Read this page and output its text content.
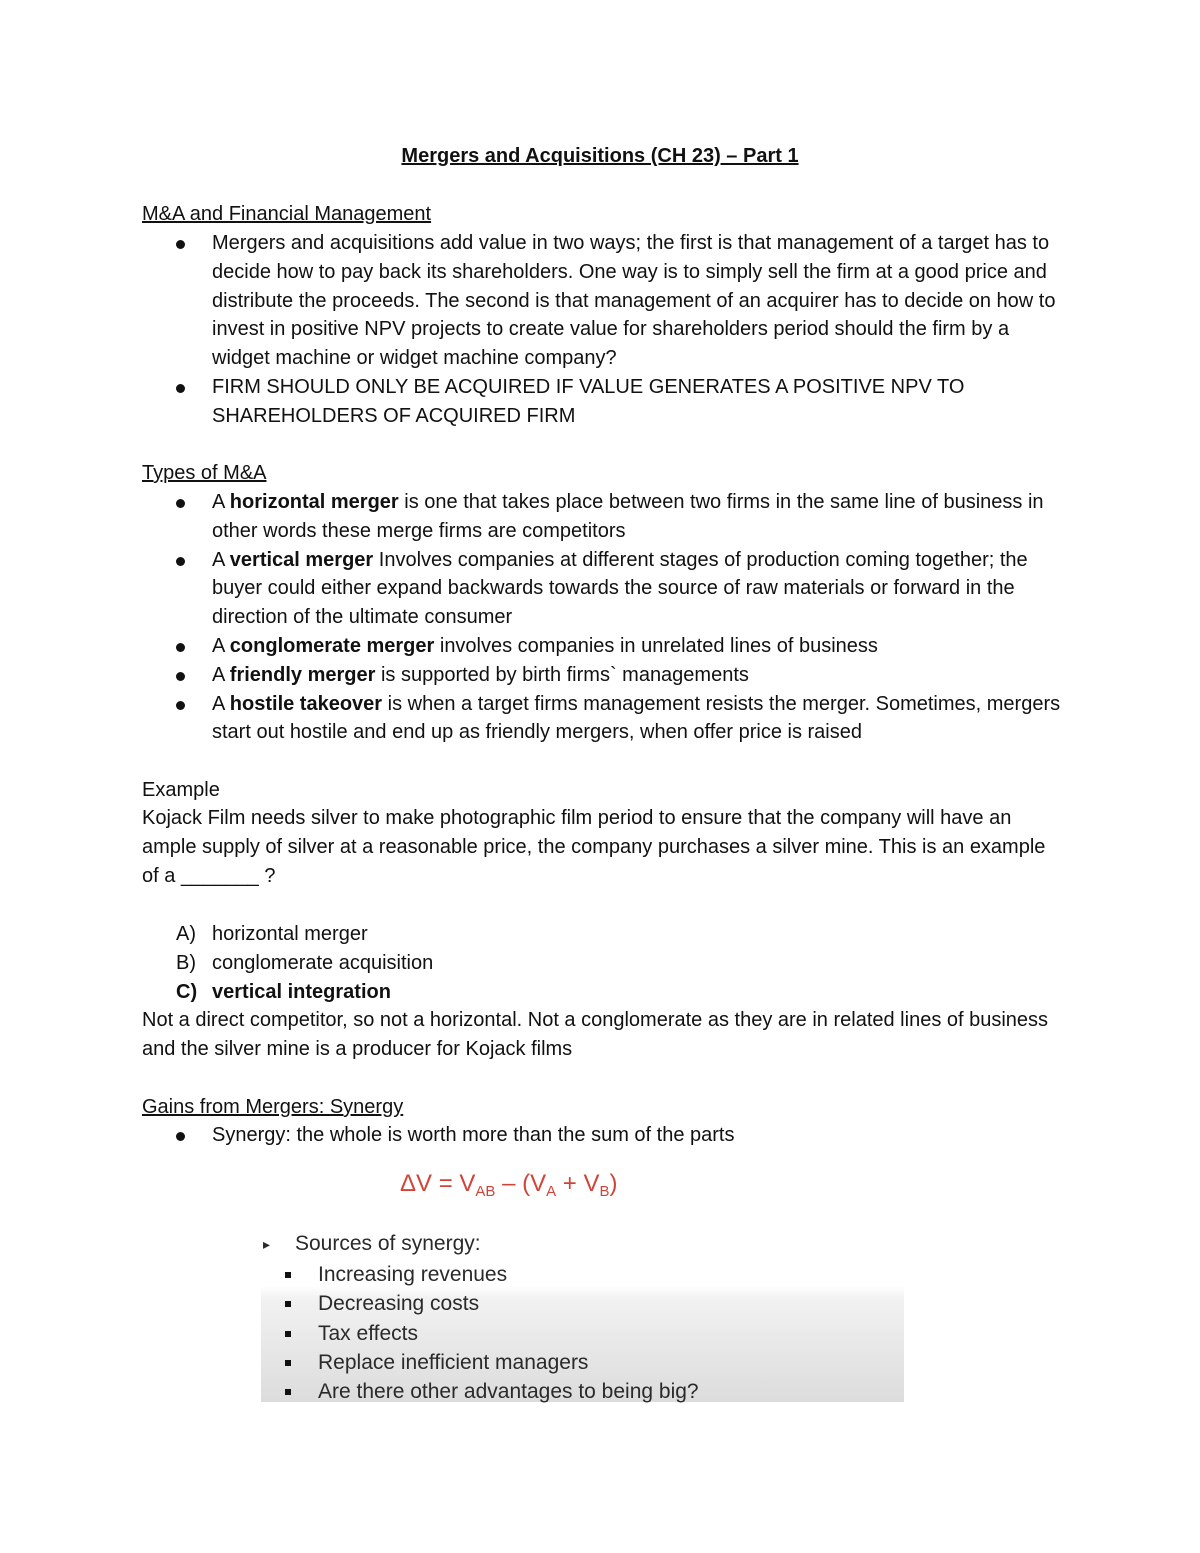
Mergers and Acquisitions (CH 23) – Part 1
M&A and Financial Management
Mergers and acquisitions add value in two ways; the first is that management of a target has to decide how to pay back its shareholders. One way is to simply sell the firm at a good price and distribute the proceeds. The second is that management of an acquirer has to decide on how to invest in positive NPV projects to create value for shareholders period should the firm by a widget machine or widget machine company?
FIRM SHOULD ONLY BE ACQUIRED IF VALUE GENERATES A POSITIVE NPV TO SHAREHOLDERS OF ACQUIRED FIRM
Types of M&A
A horizontal merger is one that takes place between two firms in the same line of business in other words these merge firms are competitors
A vertical merger Involves companies at different stages of production coming together; the buyer could either expand backwards towards the source of raw materials or forward in the direction of the ultimate consumer
A conglomerate merger involves companies in unrelated lines of business
A friendly merger is supported by birth firms` managements
A hostile takeover is when a target firms management resists the merger. Sometimes, mergers start out hostile and end up as friendly mergers, when offer price is raised
Example
Kojack Film needs silver to make photographic film period to ensure that the company will have an ample supply of silver at a reasonable price, the company purchases a silver mine. This is an example of a _______ ?
A) horizontal merger
B) conglomerate acquisition
C) vertical integration
Not a direct competitor, so not a horizontal. Not a conglomerate as they are in related lines of business and the silver mine is a producer for Kojack films
Gains from Mergers: Synergy
Synergy: the whole is worth more than the sum of the parts
$\Delta V = V_{AB} - (V_A + V_B)$
▸ Sources of synergy:
Increasing revenues
Decreasing costs
Tax effects
Replace inefficient managers
Are there other advantages to being big?
